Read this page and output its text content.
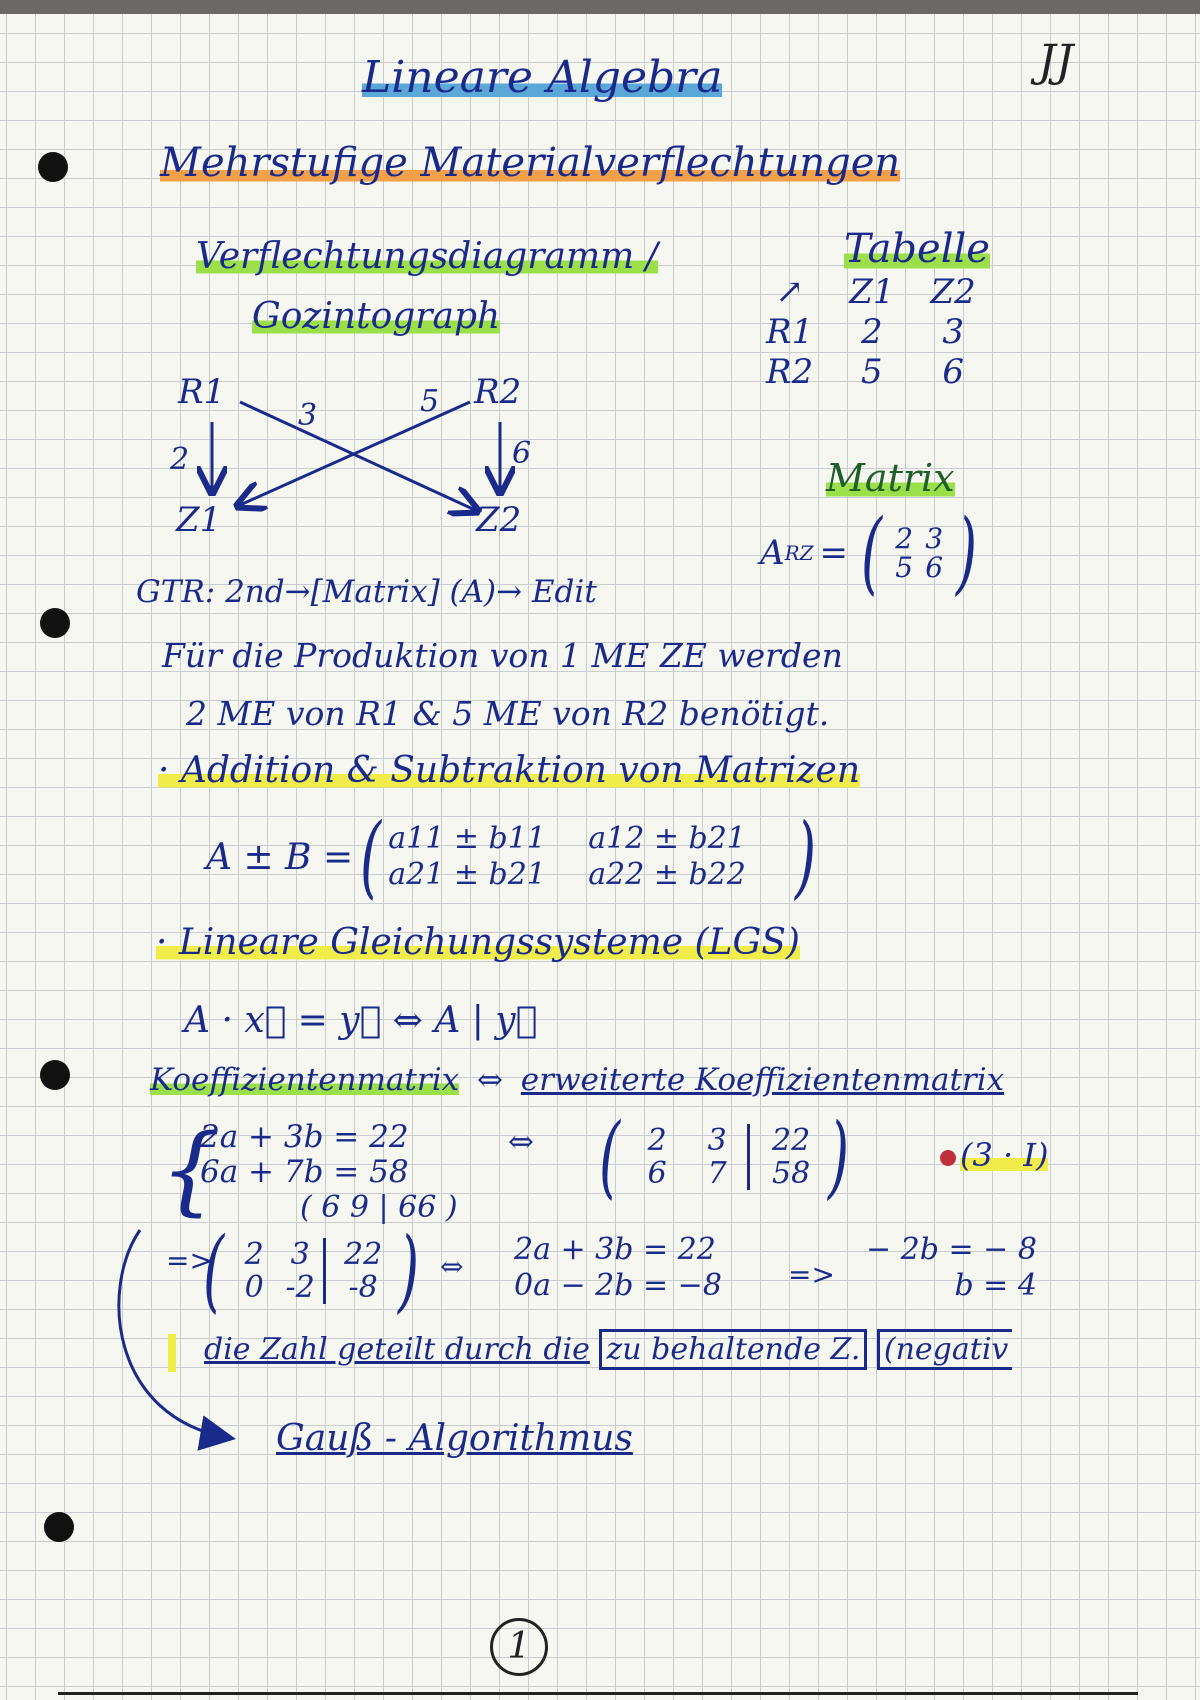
Lineare Algebra	JJ
Mehrstufige Materialverflechtungen
Verflechtungsdiagramm /
Gozintograph
R1	R2
Z1	Z2
2
3	5
6
Tabelle
↗	Z1	Z2
R1	2	3
R2	5	6
Matrix
A RZ = ( 2 3
5 6 )
GTR: 2nd→[Matrix] (A)→ Edit
Für die Produktion von 1 ME ZE werden
2 ME von R1 & 5 ME von R2 benötigt.
· Addition & Subtraktion von Matrizen
A ± B = ( a11 ± b11	a12 ± b21
a21 ± b21	a22 ± b22 )
· Lineare Gleichungssysteme (LGS)
A · x⃗ = y⃗ ⇔ A | y⃗
Koeffizientenmatrix ⇔ erweiterte Koeffizientenmatrix
{
2a + 3b = 22
6a + 7b = 58
⇔ ( 2	3	22
6	7	58 )	(3 · I)
( 6 9 | 66 )
=>
( 2 3	22
0 -2	-8 ) ⇔ 2a + 3b = 22
0a − 2b = −8 =>
− 2b = − 8
b = 4
die Zahl geteilt durch die zu behaltende Z. (negativ
Gauß - Algorithmus
1
